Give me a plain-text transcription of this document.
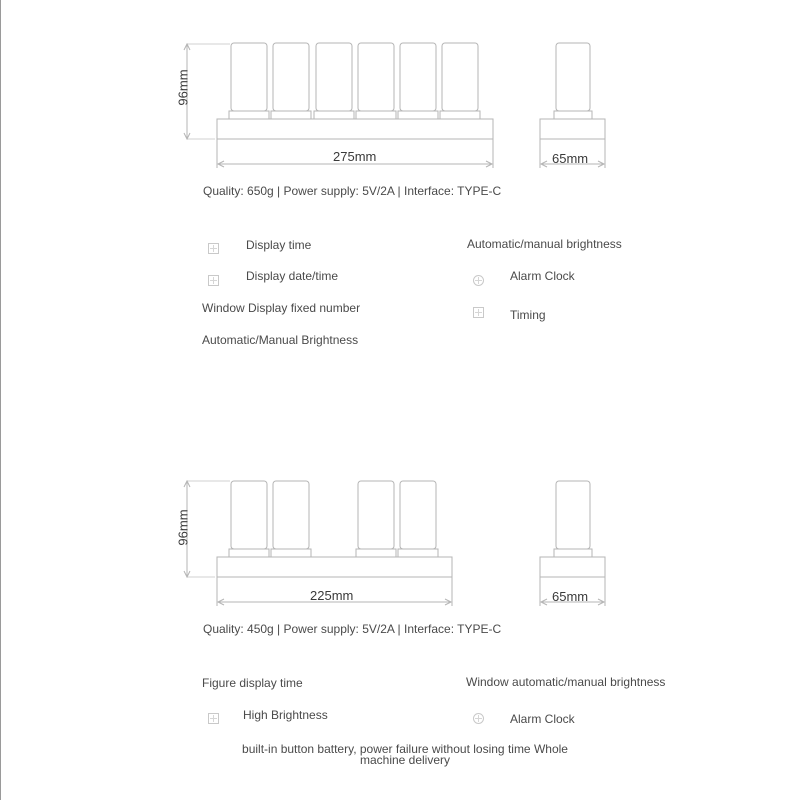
96mm
275mm	65mm
Quality: 650g | Power supply: 5V/2A | Interface: TYPE-C
Display time
Display date/time
Window Display fixed number
Automatic/Manual Brightness
Automatic/manual brightness
Alarm Clock
Timing
96mm
225mm	65mm
Quality: 450g | Power supply: 5V/2A | Interface: TYPE-C
Figure display time
High Brightness
Window automatic/manual brightness
Alarm Clock
built-in button battery, power failure without losing time Whole
machine delivery
